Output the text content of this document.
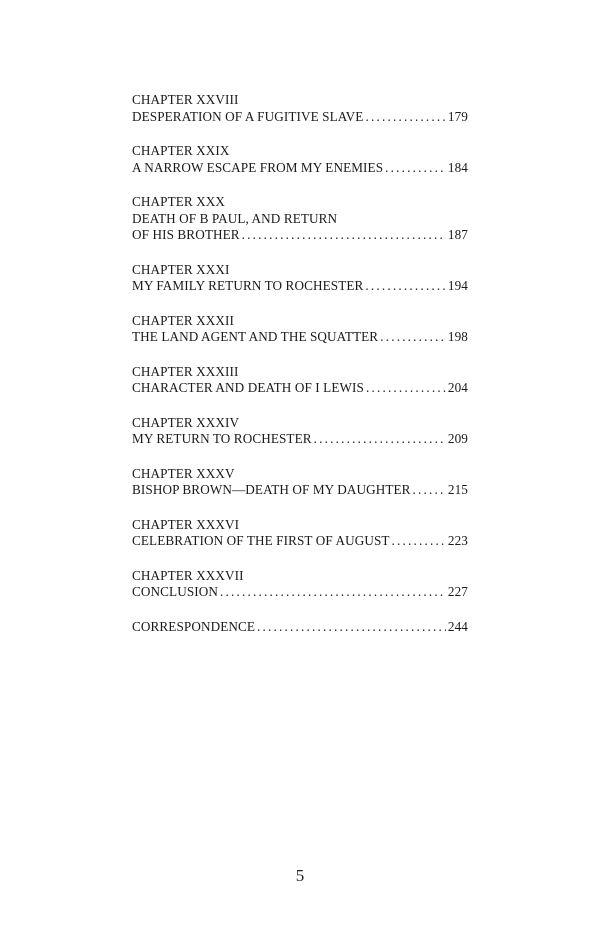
CHAPTER XXVIII
DESPERATION OF A FUGITIVE SLAVE .....	179
CHAPTER XXIX
A NARROW ESCAPE FROM MY ENEMIES .....	184
CHAPTER XXX
DEATH OF B PAUL, AND RETURN
OF HIS BROTHER .....	187
CHAPTER XXXI
MY FAMILY RETURN TO ROCHESTER .....	194
CHAPTER XXXII
THE LAND AGENT AND THE SQUATTER .....	198
CHAPTER XXXIII
CHARACTER AND DEATH OF I LEWIS .....	204
CHAPTER XXXIV
MY RETURN TO ROCHESTER .....	209
CHAPTER XXXV
BISHOP BROWN—DEATH OF MY DAUGHTER .....	215
CHAPTER XXXVI
CELEBRATION OF THE FIRST OF AUGUST .....	223
CHAPTER XXXVII
CONCLUSION .....	227
CORRESPONDENCE .....	244
5
